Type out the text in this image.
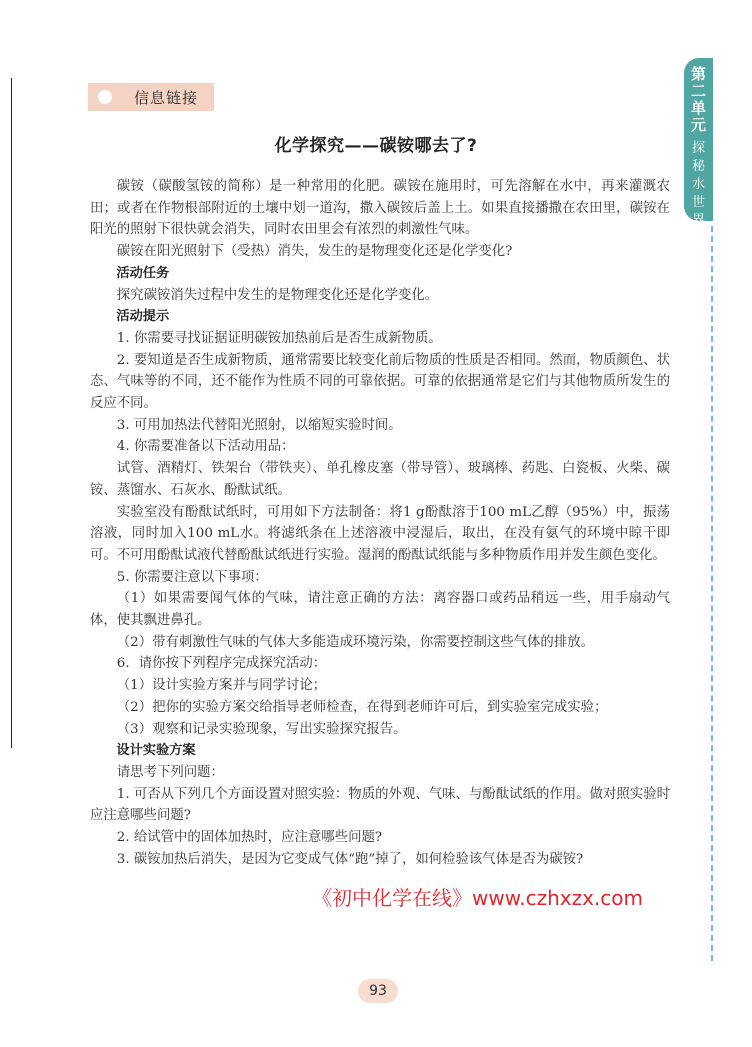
信息链接
第
二
单
元
探
秘
水
世
界
化学探究——碳铵哪去了?

碳铵（碳酸氢铵的简称）是一种常用的化肥。碳铵在施用时，可先溶解在水中，再来灌溉农田；或者在作物根部附近的土壤中划一道沟，撒入碳铵后盖上土。如果直接播撒在农田里，碳铵在阳光的照射下很快就会消失，同时农田里会有浓烈的刺激性气味。

碳铵在阳光照射下（受热）消失，发生的是物理变化还是化学变化?

活动任务

探究碳铵消失过程中发生的是物理变化还是化学变化。

活动提示

1. 你需要寻找证据证明碳铵加热前后是否生成新物质。

2. 要知道是否生成新物质，通常需要比较变化前后物质的性质是否相同。然而，物质颜色、状态、气味等的不同，还不能作为性质不同的可靠依据。可靠的依据通常是它们与其他物质所发生的反应不同。

3. 可用加热法代替阳光照射，以缩短实验时间。

4. 你需要准备以下活动用品：

试管、酒精灯、铁架台（带铁夹）、单孔橡皮塞（带导管）、玻璃棒、药匙、白瓷板、火柴、碳铵、蒸馏水、石灰水、酚酞试纸。

实验室没有酚酞试纸时，可用如下方法制备：将1 g酚酞溶于100 mL乙醇（95%）中，振荡溶液，同时加入100 mL水。将滤纸条在上述溶液中浸湿后，取出，在没有氨气的环境中晾干即可。不可用酚酞试液代替酚酞试纸进行实验。湿润的酚酞试纸能与多种物质作用并发生颜色变化。

5. 你需要注意以下事项：

（1）如果需要闻气体的气味，请注意正确的方法：离容器口或药品稍远一些，用手扇动气体，使其飘进鼻孔。

（2）带有刺激性气味的气体大多能造成环境污染，你需要控制这些气体的排放。

6．请你按下列程序完成探究活动：

（1）设计实验方案并与同学讨论；

（2）把你的实验方案交给指导老师检查，在得到老师许可后，到实验室完成实验；

（3）观察和记录实验现象，写出实验探究报告。

设计实验方案

请思考下列问题：

1. 可否从下列几个方面设置对照实验：物质的外观、气味、与酚酞试纸的作用。做对照实验时应注意哪些问题?

2. 给试管中的固体加热时，应注意哪些问题?

3. 碳铵加热后消失，是因为它变成气体“跑”掉了，如何检验该气体是否为碳铵?

《初中化学在线》www.czhxzx.com
93
